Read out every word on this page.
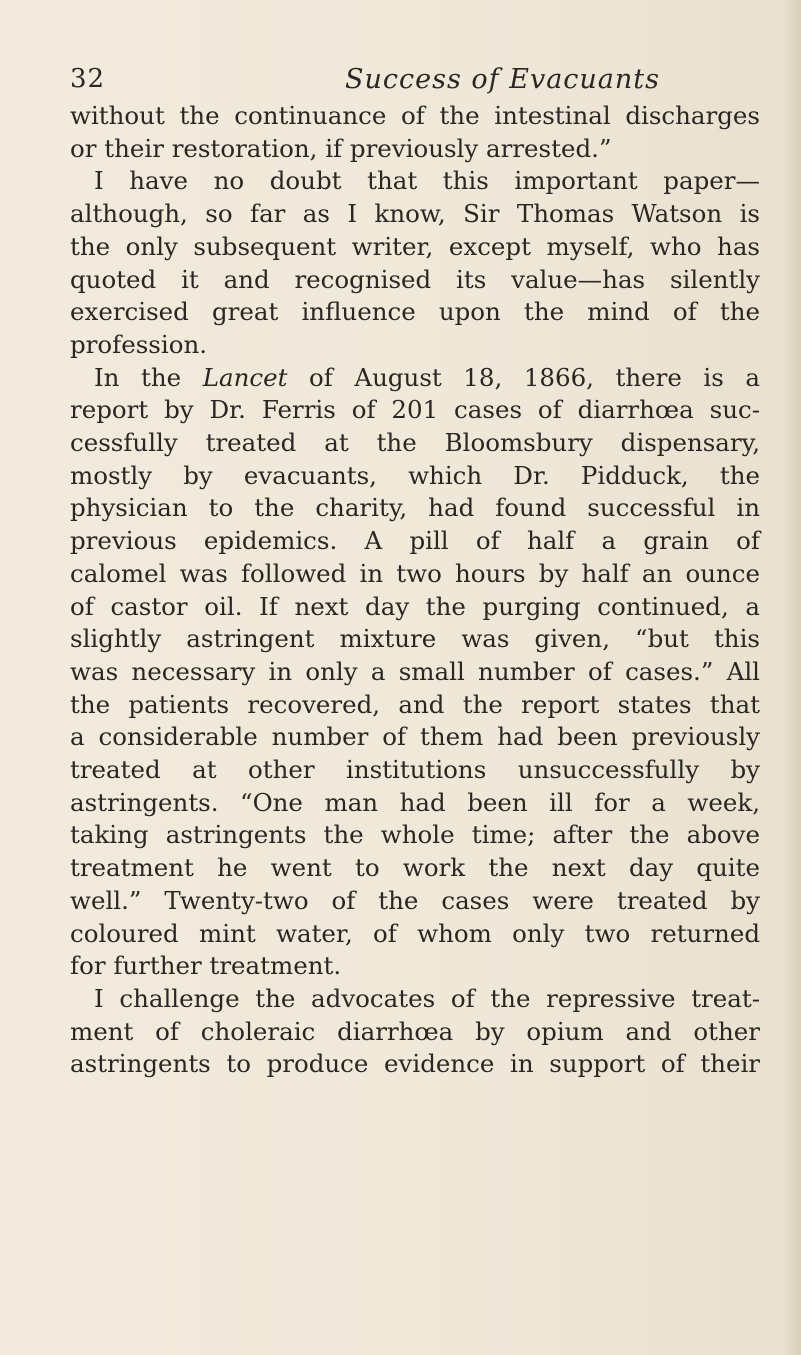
32	Success of Evacuants
without the continuance of the intestinal discharges
or their restoration, if previously arrested.”
I have no doubt that this important paper—
although, so far as I know, Sir Thomas Watson is
the only subsequent writer, except myself, who has
quoted it and recognised its value—has silently
exercised great influence upon the mind of the
profession.
In the Lancet of August 18, 1866, there is a
report by Dr. Ferris of 201 cases of diarrhœa suc-
cessfully treated at the Bloomsbury dispensary,
mostly by evacuants, which Dr. Pidduck, the
physician to the charity, had found successful in
previous epidemics. A pill of half a grain of
calomel was followed in two hours by half an ounce
of castor oil. If next day the purging continued, a
slightly astringent mixture was given, “but this
was necessary in only a small number of cases.” All
the patients recovered, and the report states that
a considerable number of them had been previously
treated at other institutions unsuccessfully by
astringents. “One man had been ill for a week,
taking astringents the whole time; after the above
treatment he went to work the next day quite
well.” Twenty-two of the cases were treated by
coloured mint water, of whom only two returned
for further treatment.
I challenge the advocates of the repressive treat-
ment of choleraic diarrhœa by opium and other
astringents to produce evidence in support of their
